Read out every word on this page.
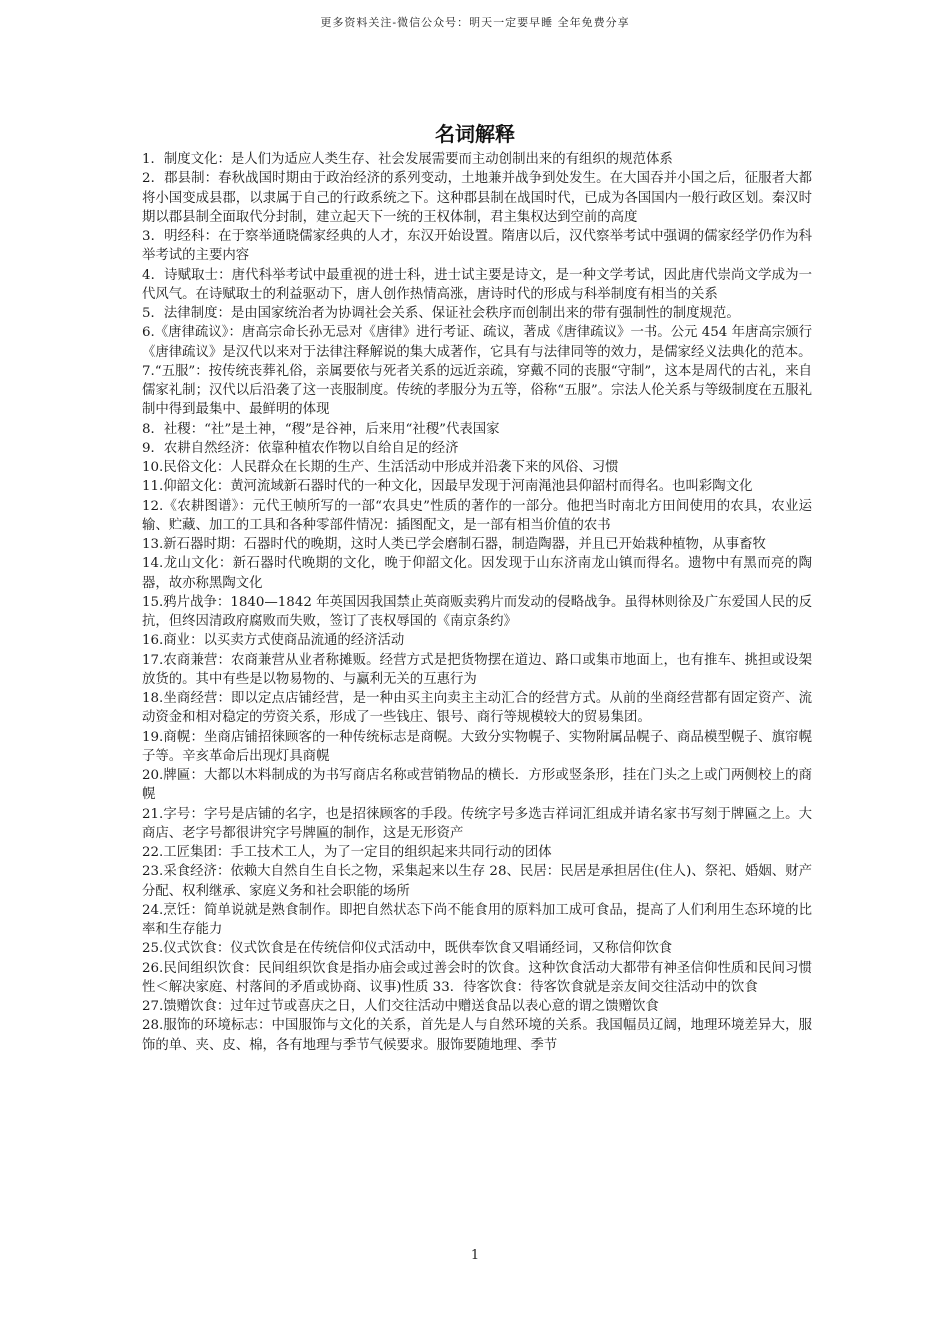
更多资料关注-微信公众号：明天一定要早睡 全年免费分享
名词解释

1．制度文化：是人们为适应人类生存、社会发展需要而主动创制出来的有组织的规范体系

2．郡县制：春秋战国时期由于政治经济的系列变动，土地兼并战争到处发生。在大国吞并小国之后，征服者大都将小国变成县郡，以隶属于自己的行政系统之下。这种郡县制在战国时代，已成为各国国内一般行政区划。秦汉时期以郡县制全面取代分封制，建立起天下一统的王权体制，君主集权达到空前的高度

3．明经科：在于察举通晓儒家经典的人才，东汉开始设置。隋唐以后，汉代察举考试中强调的儒家经学仍作为科举考试的主要内容

4．诗赋取士：唐代科举考试中最重视的进士科，进士试主要是诗文，是一种文学考试，因此唐代崇尚文学成为一代风气。在诗赋取士的利益驱动下，唐人创作热情高涨，唐诗时代的形成与科举制度有相当的关系

5．法律制度：是由国家统治者为协调社会关系、保证社会秩序而创制出来的带有强制性的制度规范。

6.《唐律疏议》：唐高宗命长孙无忌对《唐律》进行考证、疏议，著成《唐律疏议》一书。公元 454 年唐高宗颁行《唐律疏议》是汉代以来对于法律注释解说的集大成著作，它具有与法律同等的效力，是儒家经义法典化的范本。

7.“五服”：按传统丧葬礼俗，亲属要依与死者关系的远近亲疏，穿戴不同的丧服“守制”，这本是周代的古礼，来自儒家礼制；汉代以后沿袭了这一丧服制度。传统的孝服分为五等，俗称“五服”。宗法人伦关系与等级制度在五服礼制中得到最集中、最鲜明的体现

8．社稷：“社”是土神，“稷”是谷神，后来用“社稷”代表国家

9．农耕自然经济：依靠种植农作物以自给自足的经济

10.民俗文化：人民群众在长期的生产、生活活动中形成并沿袭下来的风俗、习惯

11.仰韶文化：黄河流域新石器时代的一种文化，因最早发现于河南渑池县仰韶村而得名。也叫彩陶文化

12.《农耕图谱》：元代王帧所写的一部“农具史”性质的著作的一部分。他把当时南北方田间使用的农具，农业运输、贮藏、加工的工具和各种零部件情况：插图配文，是一部有相当价值的农书

13.新石器时期：石器时代的晚期，这时人类已学会磨制石器，制造陶器，并且已开始栽种植物，从事畜牧

14.龙山文化：新石器时代晚期的文化，晚于仰韶文化。因发现于山东济南龙山镇而得名。遗物中有黑而亮的陶器，故亦称黑陶文化

15.鸦片战争：1840—1842 年英国因我国禁止英商贩卖鸦片而发动的侵略战争。虽得林则徐及广东爱国人民的反抗，但终因清政府腐败而失败，签订了丧权辱国的《南京条约》

16.商业：以买卖方式使商品流通的经济活动

17.农商兼营：农商兼营从业者称摊贩。经营方式是把货物摆在道边、路口或集市地面上，也有推车、挑担或设架放货的。其中有些是以物易物的、与赢利无关的互惠行为

18.坐商经营：即以定点店铺经营，是一种由买主向卖主主动汇合的经营方式。从前的坐商经营都有固定资产、流动资金和相对稳定的劳资关系，形成了一些钱庄、银号、商行等规模较大的贸易集团。

19.商幌：坐商店铺招徕顾客的一种传统标志是商幌。大致分实物幌子、实物附属品幌子、商品模型幌子、旗帘幌子等。辛亥革命后出现灯具商幌

20.牌匾：大都以木料制成的为书写商店名称或营销物品的横长．方形或竖条形，挂在门头之上或门两侧校上的商幌

21.字号：字号是店铺的名字，也是招徕顾客的手段。传统字号多选吉祥词汇组成并请名家书写刻于牌匾之上。大商店、老字号都很讲究字号牌匾的制作，这是无形资产

22.工匠集团：手工技术工人，为了一定目的组织起来共同行动的团体

23.采食经济：依赖大自然自生自长之物，采集起来以生存 28、民居：民居是承担居住(住人)、祭祀、婚姻、财产分配、权利继承、家庭义务和社会职能的场所

24.烹饪：简单说就是熟食制作。即把自然状态下尚不能食用的原料加工成可食品，提高了人们利用生态环境的比率和生存能力

25.仪式饮食：仪式饮食是在传统信仰仪式活动中，既供奉饮食又唱诵经词，又称信仰饮食

26.民间组织饮食：民间组织饮食是指办庙会或过善会时的饮食。这种饮食活动大都带有神圣信仰性质和民间习惯性＜解决家庭、村落间的矛盾或协商、议事)性质 33．待客饮食：待客饮食就是亲友间交往活动中的饮食

27.馈赠饮食：过年过节或喜庆之日，人们交往活动中赠送食品以表心意的谓之馈赠饮食

28.服饰的环境标志：中国服饰与文化的关系，首先是人与自然环境的关系。我国幅员辽阔，地理环境差异大，服饰的单、夹、皮、棉，各有地理与季节气候要求。服饰要随地理、季节

1
